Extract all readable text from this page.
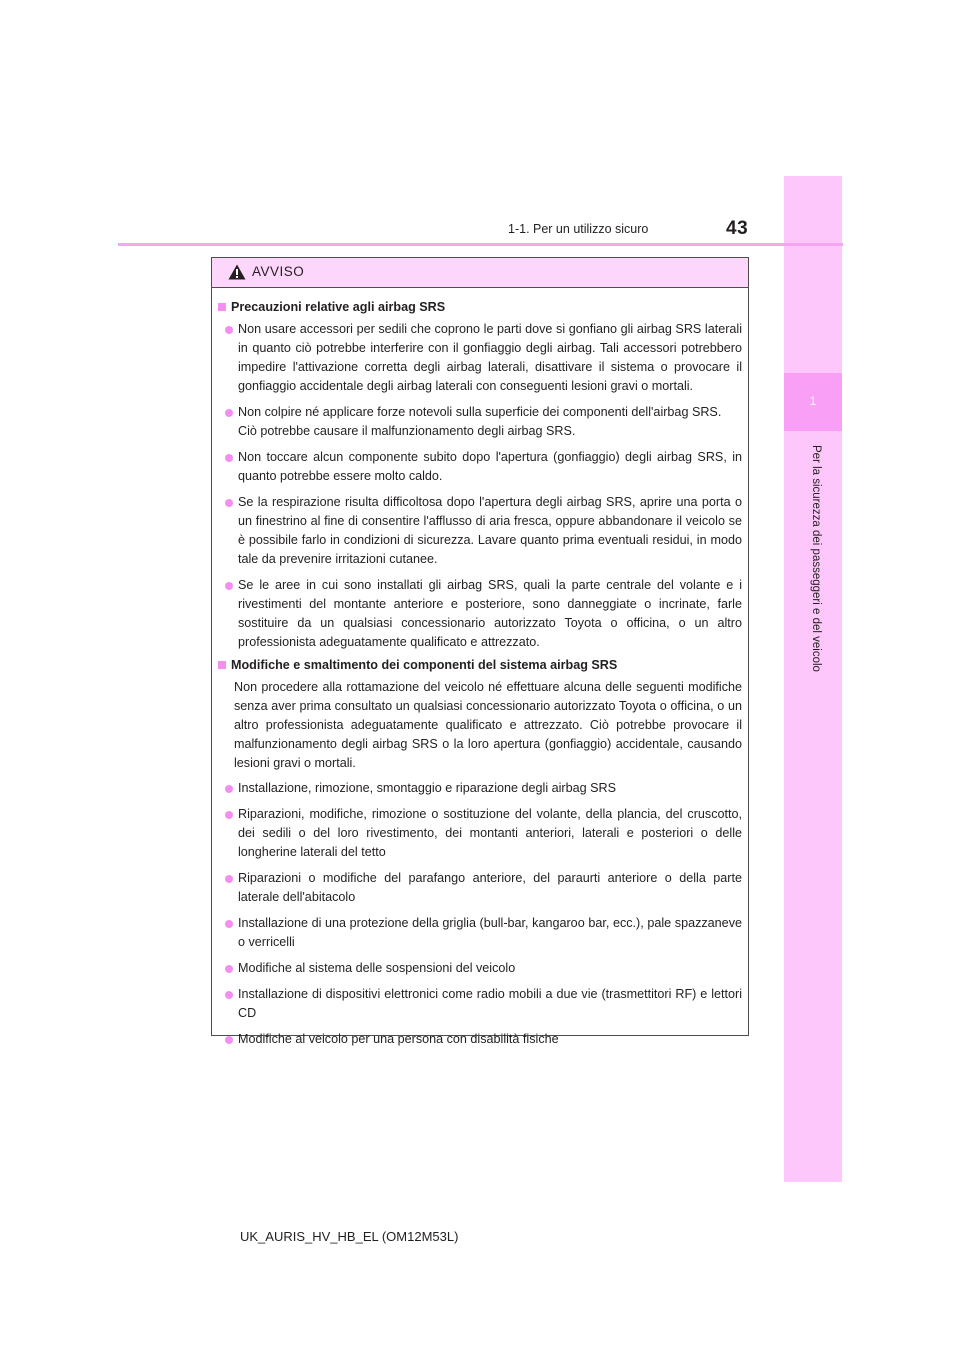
1
Per la sicurezza dei passeggeri e del veicolo
1-1. Per un utilizzo sicuro	43
AVVISO
Precauzioni relative agli airbag SRS
Non usare accessori per sedili che coprono le parti dove si gonfiano gli airbag SRS laterali in quanto ciò potrebbe interferire con il gonfiaggio degli airbag. Tali accessori potrebbero impedire l'attivazione corretta degli airbag laterali, disattivare il sistema o provocare il gonfiaggio accidentale degli airbag laterali con conseguenti lesioni gravi o mortali.
Non colpire né applicare forze notevoli sulla superficie dei componenti dell'airbag SRS.
Ciò potrebbe causare il malfunzionamento degli airbag SRS.
Non toccare alcun componente subito dopo l'apertura (gonfiaggio) degli airbag SRS, in quanto potrebbe essere molto caldo.
Se la respirazione risulta difficoltosa dopo l'apertura degli airbag SRS, aprire una porta o un finestrino al fine di consentire l'afflusso di aria fresca, oppure abbandonare il veicolo se è possibile farlo in condizioni di sicurezza. Lavare quanto prima eventuali residui, in modo tale da prevenire irritazioni cutanee.
Se le aree in cui sono installati gli airbag SRS, quali la parte centrale del volante e i rivestimenti del montante anteriore e posteriore, sono danneggiate o incrinate, farle sostituire da un qualsiasi concessionario autorizzato Toyota o officina, o un altro professionista adeguatamente qualificato e attrezzato.
Modifiche e smaltimento dei componenti del sistema airbag SRS
Non procedere alla rottamazione del veicolo né effettuare alcuna delle seguenti modifiche senza aver prima consultato un qualsiasi concessionario autorizzato Toyota o officina, o un altro professionista adeguatamente qualificato e attrezzato. Ciò potrebbe provocare il malfunzionamento degli airbag SRS o la loro apertura (gonfiaggio) accidentale, causando lesioni gravi o mortali.
Installazione, rimozione, smontaggio e riparazione degli airbag SRS
Riparazioni, modifiche, rimozione o sostituzione del volante, della plancia, del cruscotto, dei sedili o del loro rivestimento, dei montanti anteriori, laterali e posteriori o delle longherine laterali del tetto
Riparazioni o modifiche del parafango anteriore, del paraurti anteriore o della parte laterale dell'abitacolo
Installazione di una protezione della griglia (bull-bar, kangaroo bar, ecc.), pale spazzaneve o verricelli
Modifiche al sistema delle sospensioni del veicolo
Installazione di dispositivi elettronici come radio mobili a due vie (trasmettitori RF) e lettori CD
Modifiche al veicolo per una persona con disabilità fisiche
UK_AURIS_HV_HB_EL (OM12M53L)
